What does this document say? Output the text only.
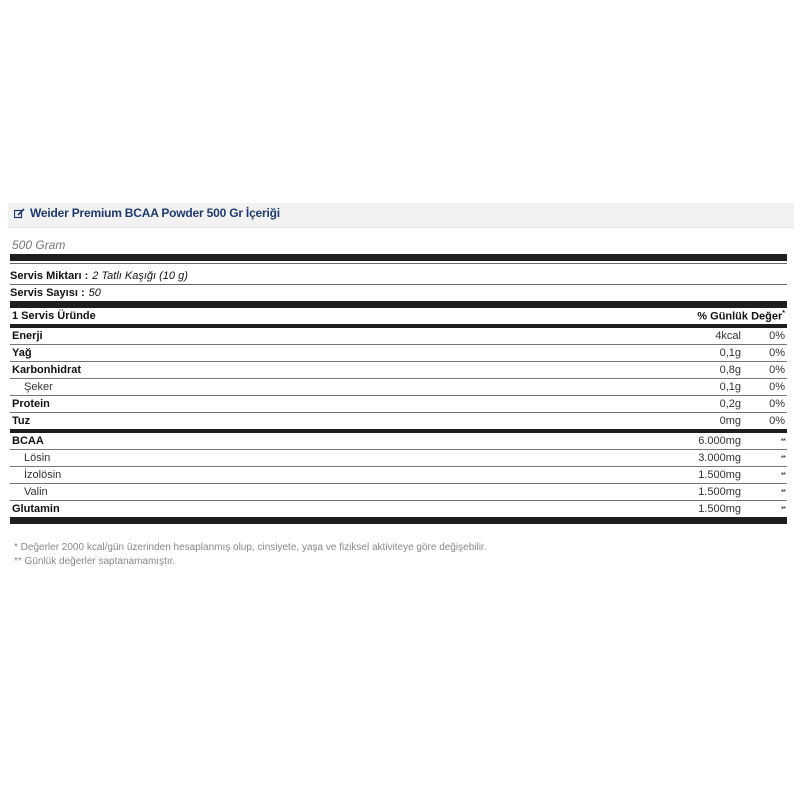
Weider Premium BCAA Powder 500 Gr İçeriği
500 Gram
Servis Miktarı : 2 Tatlı Kaşığı (10 g)
Servis Sayısı : 50
1 Servis Üründe	% Günlük Değer*
Enerji	4kcal	0%
Yağ	0,1g	0%
Karbonhidrat	0,8g	0%
Şeker	0,1g	0%
Protein	0,2g	0%
Tuz	0mg	0%
BCAA	6.000mg	**
Lösin	3.000mg	**
İzolösin	1.500mg	**
Valin	1.500mg	**
Glutamin	1.500mg	**
* Değerler 2000 kcal/gün üzerinden hesaplanmış olup, cinsiyete, yaşa ve fiziksel aktiviteye göre değişebilir.
** Günlük değerler saptanamamıştır.
